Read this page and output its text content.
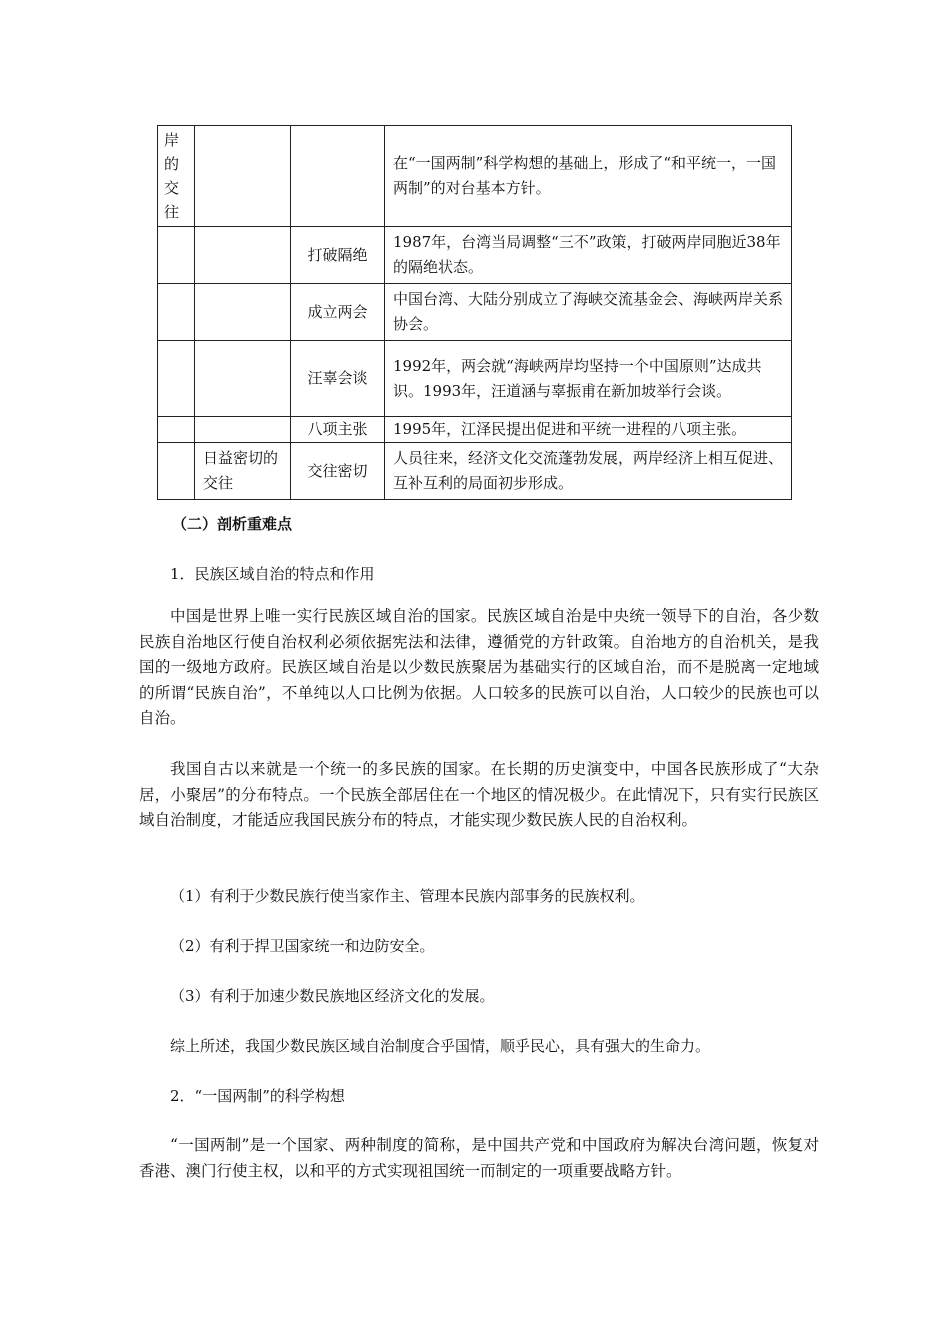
岸
的
交
往			在“一国两制”科学构想的基础上，形成了“和平统一，一国两制”的对台基本方针。
		打破隔绝	1987年，台湾当局调整“三不”政策，打破两岸同胞近38年的隔绝状态。
		成立两会	中国台湾、大陆分别成立了海峡交流基金会、海峡两岸关系协会。
		汪辜会谈	1992年，两会就“海峡两岸均坚持一个中国原则”达成共识。1993年，汪道涵与辜振甫在新加坡举行会谈。
		八项主张	1995年，江泽民提出促进和平统一进程的八项主张。
	日益密切的交往	交往密切	人员往来，经济文化交流蓬勃发展，两岸经济上相互促进、互补互利的局面初步形成。
（二）剖析重难点
1．民族区域自治的特点和作用

中国是世界上唯一实行民族区域自治的国家。民族区域自治是中央统一领导下的自治，各少数民族自治地区行使自治权利必须依据宪法和法律，遵循党的方针政策。自治地方的自治机关，是我国的一级地方政府。民族区域自治是以少数民族聚居为基础实行的区域自治，而不是脱离一定地域的所谓“民族自治”，不单纯以人口比例为依据。人口较多的民族可以自治，人口较少的民族也可以自治。

我国自古以来就是一个统一的多民族的国家。在长期的历史演变中，中国各民族形成了“大杂居，小聚居”的分布特点。一个民族全部居住在一个地区的情况极少。在此情况下，只有实行民族区域自治制度，才能适应我国民族分布的特点，才能实现少数民族人民的自治权利。

（1）有利于少数民族行使当家作主、管理本民族内部事务的民族权利。
（2）有利于捍卫国家统一和边防安全。
（3）有利于加速少数民族地区经济文化的发展。
综上所述，我国少数民族区域自治制度合乎国情，顺乎民心，具有强大的生命力。
2．“一国两制”的科学构想

“一国两制”是一个国家、两种制度的简称，是中国共产党和中国政府为解决台湾问题，恢复对香港、澳门行使主权，以和平的方式实现祖国统一而制定的一项重要战略方针。
